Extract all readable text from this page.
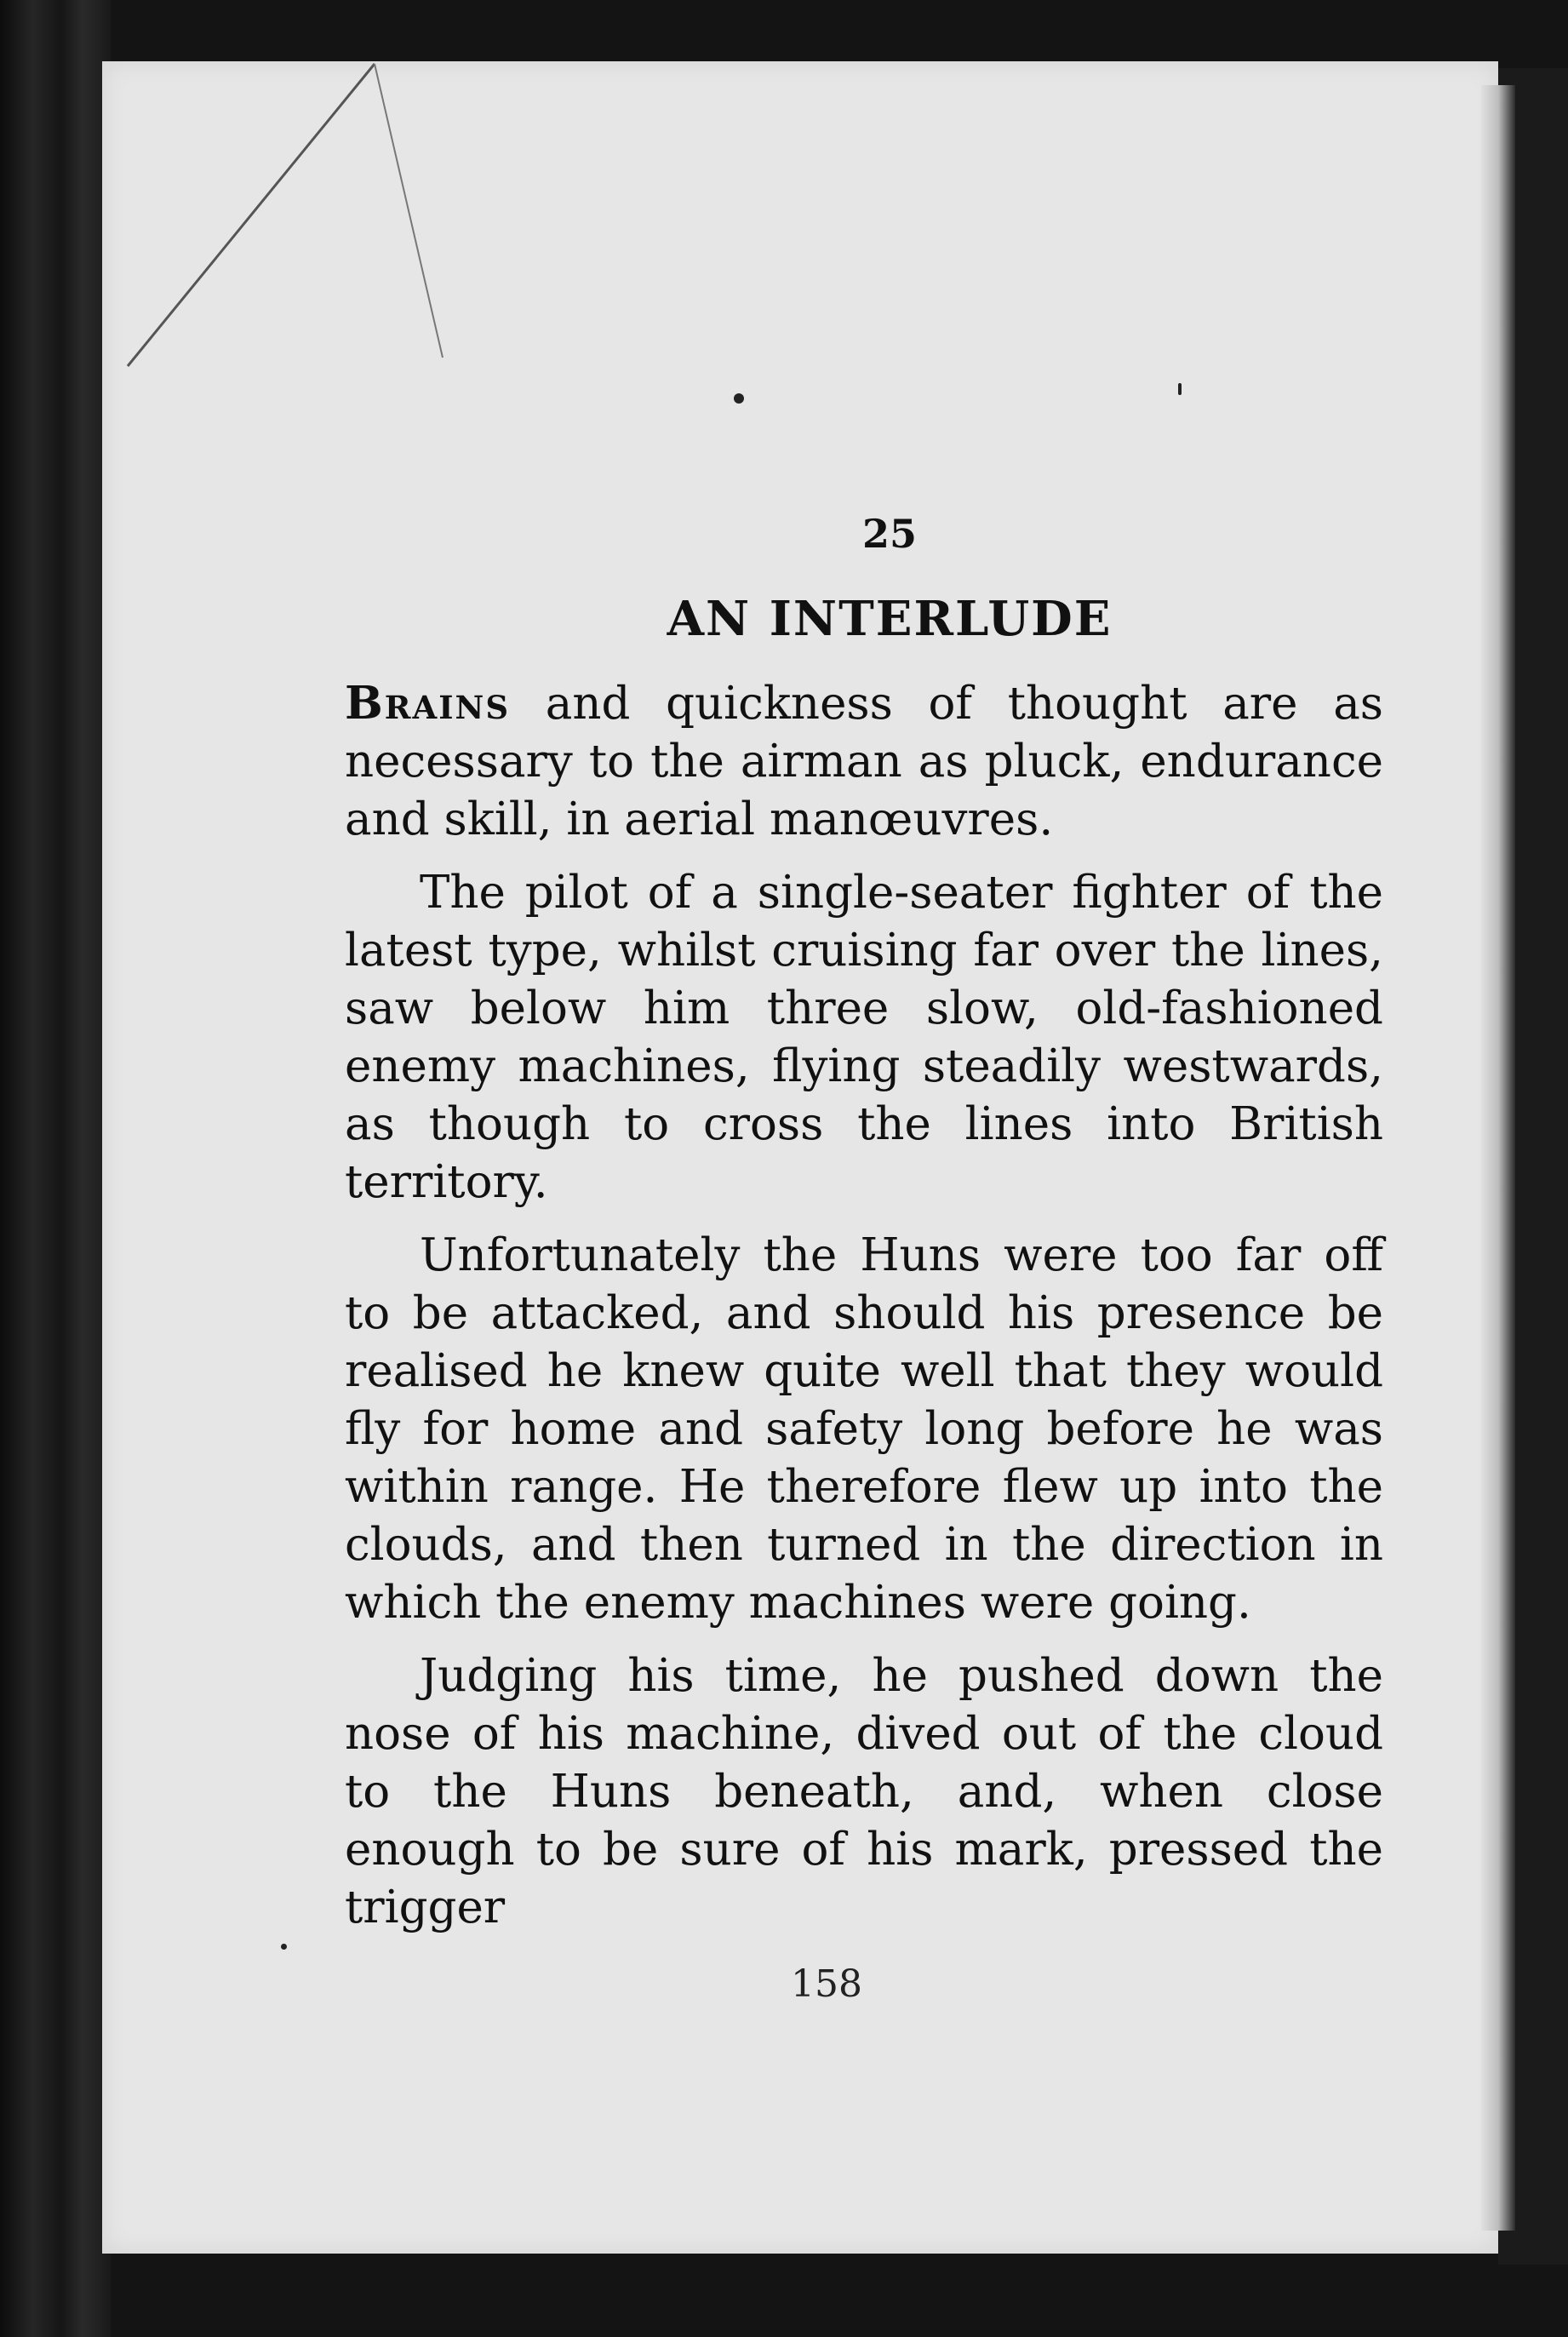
25
AN INTERLUDE

Brains and quickness of thought are as necessary to the airman as pluck, endurance and skill, in aerial manœuvres.

The pilot of a single-seater fighter of the latest type, whilst cruising far over the lines, saw below him three slow, old-fashioned enemy machines, flying steadily westwards, as though to cross the lines into British territory.

Unfortunately the Huns were too far off to be attacked, and should his presence be realised he knew quite well that they would fly for home and safety long before he was within range. He therefore flew up into the clouds, and then turned in the direction in which the enemy machines were going.

Judging his time, he pushed down the nose of his machine, dived out of the cloud to the Huns beneath, and, when close enough to be sure of his mark, pressed the trigger

158
